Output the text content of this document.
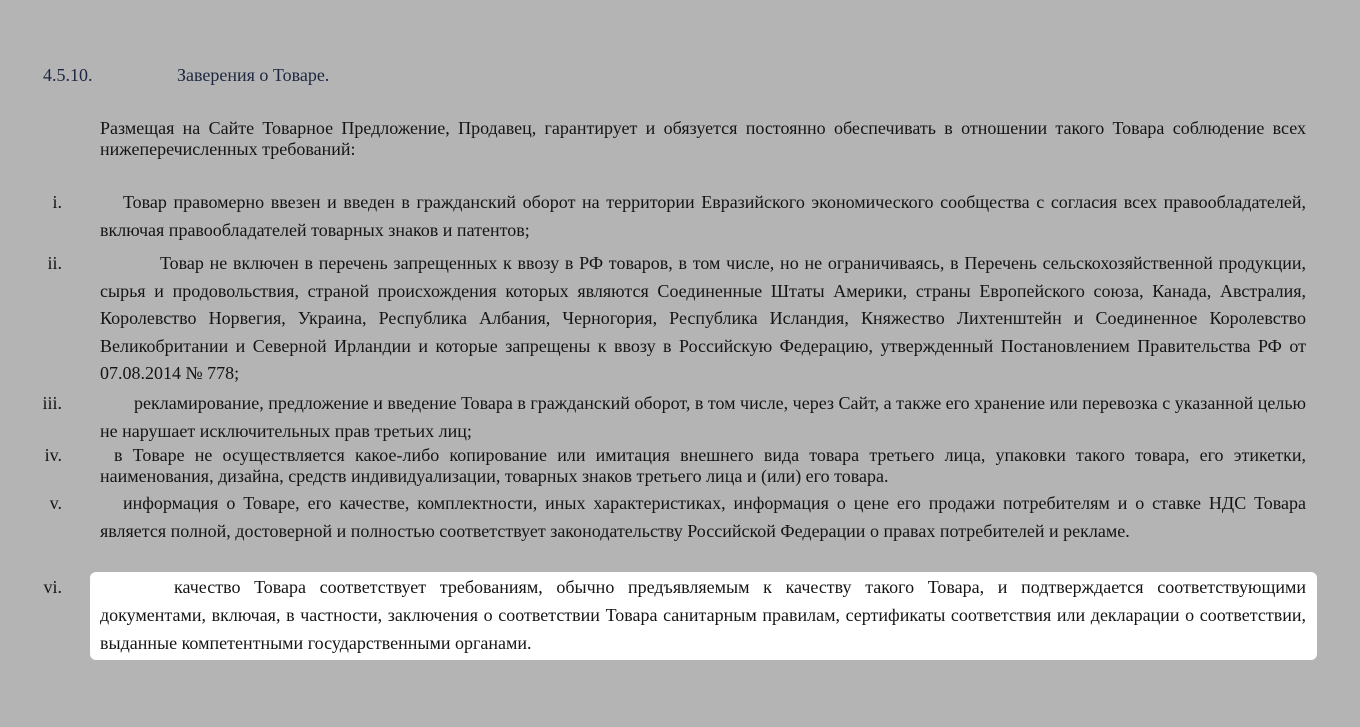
4.5.10.	Заверения о Товаре.

Размещая на Сайте Товарное Предложение, Продавец, гарантирует и обязуется постоянно обеспечивать в отношении такого Товара соблюдение всех нижеперечисленных требований:

i.	Товар правомерно ввезен и введен в гражданский оборот на территории Евразийского экономического сообщества с согласия всех правообладателей, включая правообладателей товарных знаков и патентов;

ii.	Товар не включен в перечень запрещенных к ввозу в РФ товаров, в том числе, но не ограничиваясь, в Перечень сельскохозяйственной продукции, сырья и продовольствия, страной происхождения которых являются Соединенные Штаты Америки, страны Европейского союза, Канада, Австралия, Королевство Норвегия, Украина, Республика Албания, Черногория, Республика Исландия, Княжество Лихтенштейн и Соединенное Королевство Великобритании и Северной Ирландии и которые запрещены к ввозу в Российскую Федерацию, утвержденный Постановлением Правительства РФ от 07.08.2014 № 778;

iii.	рекламирование, предложение и введение Товара в гражданский оборот, в том числе, через Сайт, а также его хранение или перевозка с указанной целью не нарушает исключительных прав третьих лиц;

iv.	в Товаре не осуществляется какое-либо копирование или имитация внешнего вида товара третьего лица, упаковки такого товара, его этикетки, наименования, дизайна, средств индивидуализации, товарных знаков третьего лица и (или) его товара.

v.	информация о Товаре, его качестве, комплектности, иных характеристиках, информация о цене его продажи потребителям и о ставке НДС Товара является полной, достоверной и полностью соответствует законодательству Российской Федерации о правах потребителей и рекламе.

vi.	качество Товара соответствует требованиям, обычно предъявляемым к качеству такого Товара, и подтверждается соответствующими документами, включая, в частности, заключения о соответствии Товара санитарным правилам, сертификаты соответствия или декларации о соответствии, выданные компетентными государственными органами.
